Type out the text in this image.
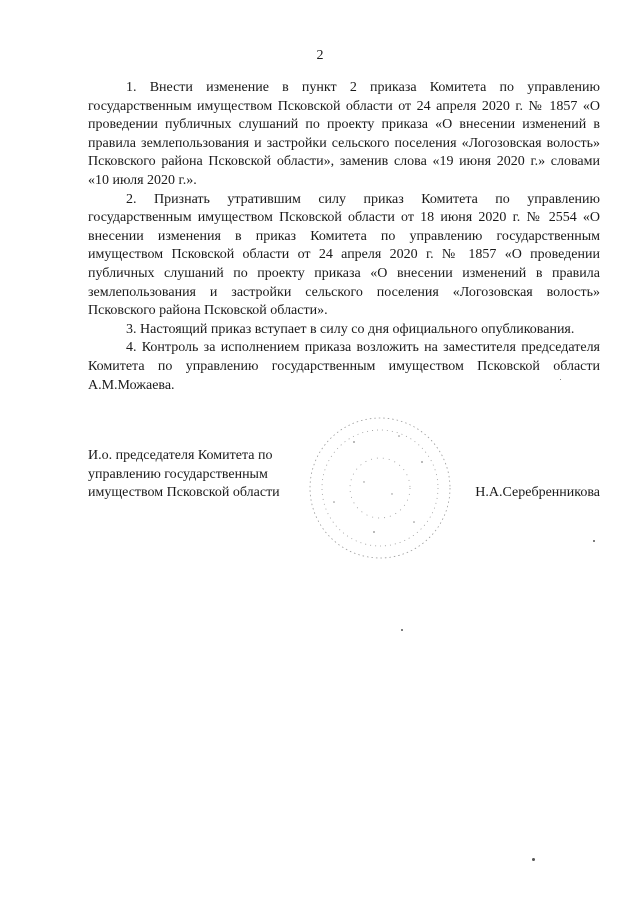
2

1. Внести изменение в пункт 2 приказа Комитета по управлению государственным имуществом Псковской области от 24 апреля 2020 г. № 1857 «О проведении публичных слушаний по проекту приказа «О внесении изменений в правила землепользования и застройки сельского поселения «Логозовская волость» Псковского района Псковской области», заменив слова «19 июня 2020 г.» словами «10 июля 2020 г.».

2. Признать утратившим силу приказ Комитета по управлению государственным имуществом Псковской области от 18 июня 2020 г. № 2554 «О внесении изменения в приказ Комитета по управлению государственным имуществом Псковской области от 24 апреля 2020 г. № 1857 «О проведении публичных слушаний по проекту приказа «О внесении изменений в правила землепользования и застройки сельского поселения «Логозовская волость» Псковского района Псковской области».

3. Настоящий приказ вступает в силу со дня официального опубликования.

4. Контроль за исполнением приказа возложить на заместителя председателя Комитета по управлению государственным имуществом Псковской области А.М.Можаева.

И.о. председателя Комитета по
управлению государственным
имуществом Псковской области	Н.А.Серебренникова
